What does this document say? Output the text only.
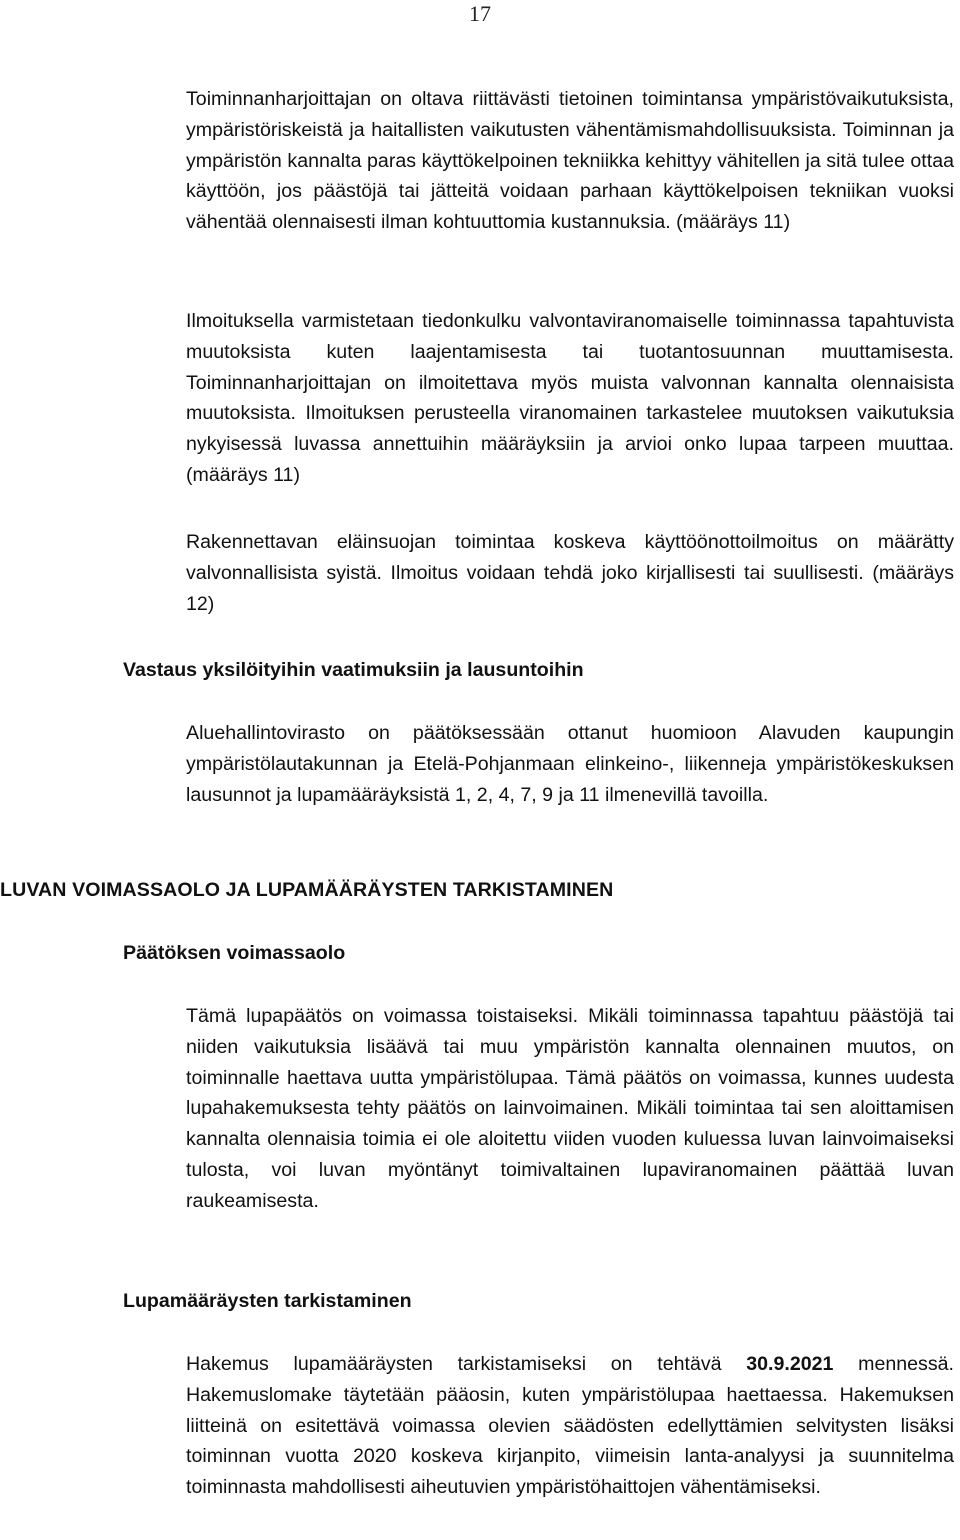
17

Toiminnanharjoittajan on oltava riittävästi tietoinen toimintansa ympäristövaikutuksista, ympäristöriskeistä ja haitallisten vaikutusten vähentämismahdollisuuksista. Toiminnan ja ympäristön kannalta paras käyttökelpoinen tekniikka kehittyy vähitellen ja sitä tulee ottaa käyttöön, jos päästöjä tai jätteitä voidaan parhaan käyttökelpoisen tekniikan vuoksi vähentää olennaisesti ilman kohtuuttomia kustannuksia. (määräys 11)

Ilmoituksella varmistetaan tiedonkulku valvontaviranomaiselle toiminnassa tapahtuvista muutoksista kuten laajentamisesta tai tuotantosuunnan muuttamisesta. Toiminnanharjoittajan on ilmoitettava myös muista valvonnan kannalta olennaisista muutoksista. Ilmoituksen perusteella viranomainen tarkastelee muutoksen vaikutuksia nykyisessä luvassa annettuihin määräyksiin ja arvioi onko lupaa tarpeen muuttaa. (määräys 11)

Rakennettavan eläinsuojan toimintaa koskeva käyttöönottoilmoitus on määrätty valvonnallisista syistä. Ilmoitus voidaan tehdä joko kirjallisesti tai suullisesti. (määräys 12)

Vastaus yksilöityihin vaatimuksiin ja lausuntoihin

Aluehallintovirasto on päätöksessään ottanut huomioon Alavuden kaupungin ympäristölautakunnan ja Etelä-Pohjanmaan elinkeino-, liikenneja ympäristökeskuksen lausunnot ja lupamääräyksistä 1, 2, 4, 7, 9 ja 11 ilmenevillä tavoilla.

LUVAN VOIMASSAOLO JA LUPAMÄÄRÄYSTEN TARKISTAMINEN
Päätöksen voimassaolo

Tämä lupapäätös on voimassa toistaiseksi. Mikäli toiminnassa tapahtuu päästöjä tai niiden vaikutuksia lisäävä tai muu ympäristön kannalta olennainen muutos, on toiminnalle haettava uutta ympäristölupaa. Tämä päätös on voimassa, kunnes uudesta lupahakemuksesta tehty päätös on lainvoimainen. Mikäli toimintaa tai sen aloittamisen kannalta olennaisia toimia ei ole aloitettu viiden vuoden kuluessa luvan lainvoimaiseksi tulosta, voi luvan myöntänyt toimivaltainen lupaviranomainen päättää luvan raukeamisesta.

Lupamääräysten tarkistaminen

Hakemus lupamääräysten tarkistamiseksi on tehtävä 30.9.2021 mennessä. Hakemuslomake täytetään pääosin, kuten ympäristölupaa haettaessa. Hakemuksen liitteinä on esitettävä voimassa olevien säädösten edellyttämien selvitysten lisäksi toiminnan vuotta 2020 koskeva kirjanpito, viimeisin lanta-analyysi ja suunnitelma toiminnasta mahdollisesti aiheutuvien ympäristöhaittojen vähentämiseksi.
